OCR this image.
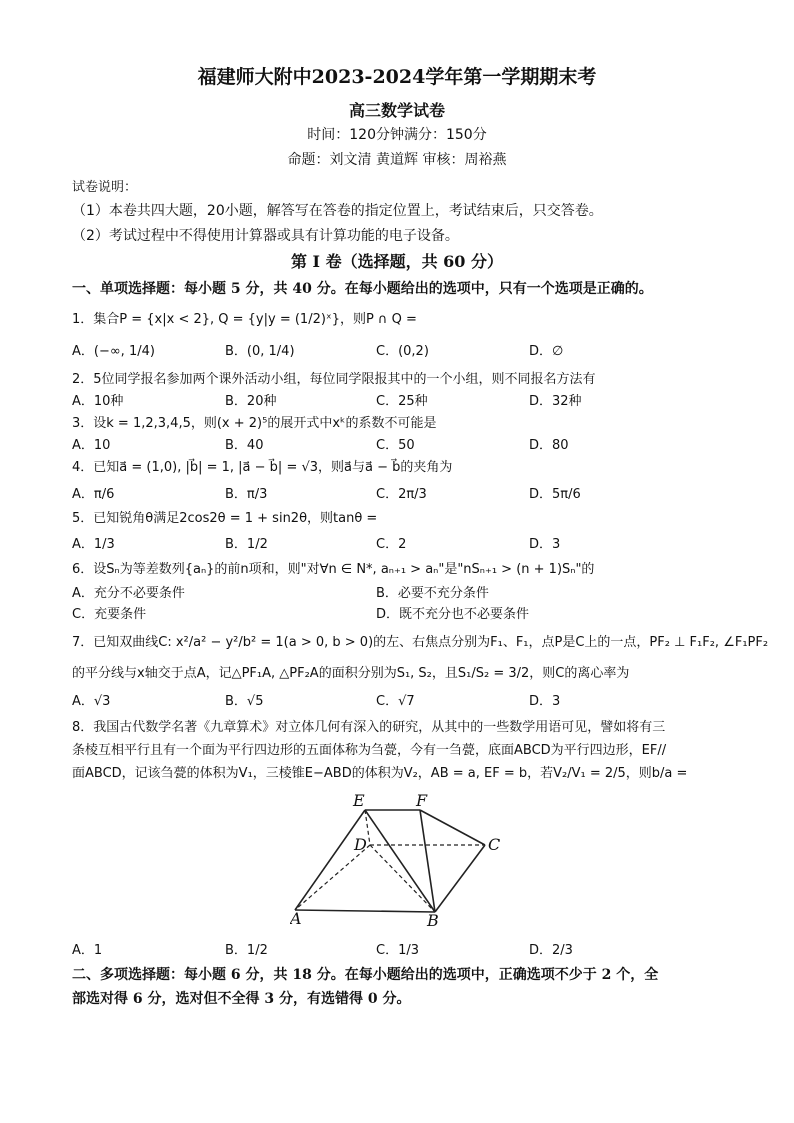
福建师大附中2023-2024学年第一学期期末考
高三数学试卷
时间：120分钟满分：150分
命题：刘文清 黄道辉 审核：周裕燕
试卷说明：
（1）本卷共四大题，20小题，解答写在答卷的指定位置上，考试结束后，只交答卷。
（2）考试过程中不得使用计算器或具有计算功能的电子设备。
第 I 卷（选择题，共 60 分）
一、单项选择题：每小题 5 分，共 40 分。在每小题给出的选项中，只有一个选项是正确的。
1．集合P = {x|x < 2}, Q = {y|y = (1/2)ˣ}，则P ∩ Q =
A．(−∞, 1/4)	B．(0, 1/4)	C．(0,2)	D．∅
2．5位同学报名参加两个课外活动小组，每位同学限报其中的一个小组，则不同报名方法有
A．10种	B．20种	C．25种	D．32种
3．设k = 1,2,3,4,5，则(x + 2)⁵的展开式中xᵏ的系数不可能是
A．10	B．40	C．50	D．80
4．已知a⃗ = (1,0), |b⃗| = 1, |a⃗ − b⃗| = √3，则a⃗与a⃗ − b⃗的夹角为
A．π/6	B．π/3	C．2π/3	D．5π/6
5．已知锐角θ满足2cos2θ = 1 + sin2θ，则tanθ =
A．1/3	B．1/2	C．2	D．3
6．设Sₙ为等差数列{aₙ}的前n项和，则"对∀n ∈ N*, aₙ₊₁ > aₙ"是"nSₙ₊₁ > (n + 1)Sₙ"的
A．充分不必要条件	B．必要不充分条件
C．充要条件	D．既不充分也不必要条件
7．已知双曲线C: x²/a² − y²/b² = 1(a > 0, b > 0)的左、右焦点分别为F₁、F₁，点P是C上的一点，PF₂ ⊥ F₁F₂, ∠F₁PF₂
的平分线与x轴交于点A，记△PF₁A, △PF₂A的面积分别为S₁, S₂，且S₁/S₂ = 3/2，则C的离心率为
A．√3	B．√5	C．√7	D．3
8．我国古代数学名著《九章算术》对立体几何有深入的研究，从其中的一些数学用语可见，譬如将有三
条棱互相平行且有一个面为平行四边形的五面体称为刍甍，今有一刍甍，底面ABCD为平行四边形，EF//
面ABCD，记该刍甍的体积为V₁，三棱锥E−ABD的体积为V₂，AB = a, EF = b，若V₂/V₁ = 2/5，则b/a =
E	F
D	C
A	B
A．1	B．1/2	C．1/3	D．2/3
二、多项选择题：每小题 6 分，共 18 分。在每小题给出的选项中，正确选项不少于 2 个，全
部选对得 6 分，选对但不全得 3 分，有选错得 0 分。
